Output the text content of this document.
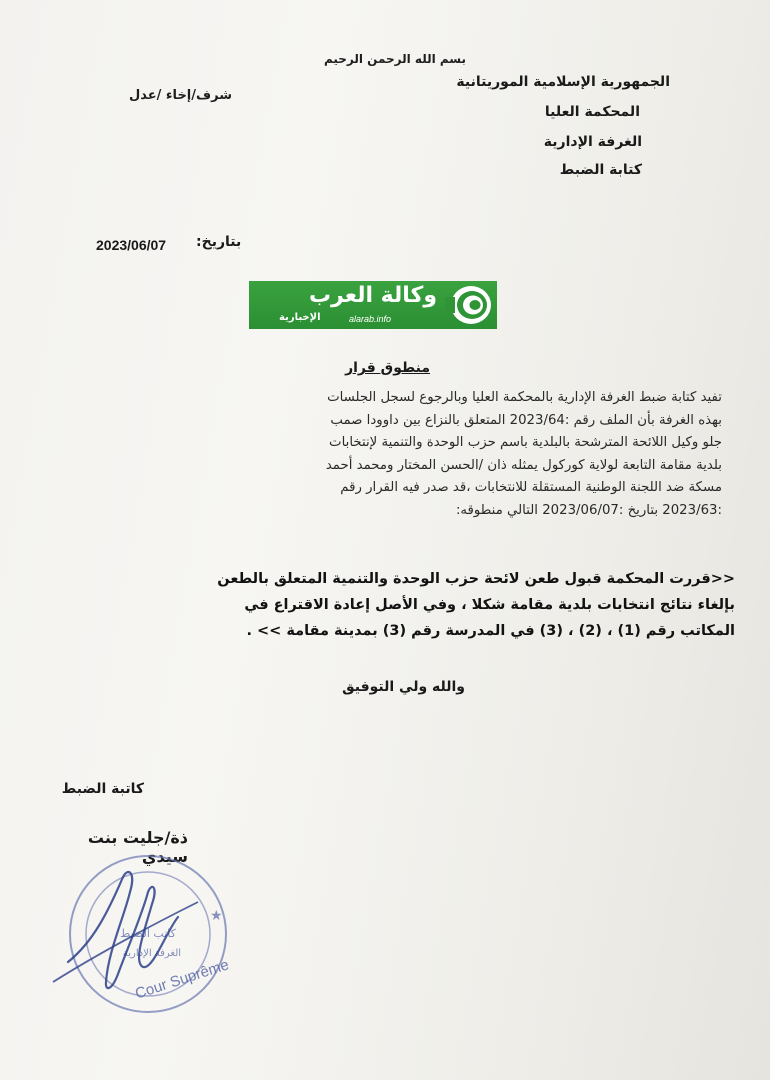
بسم الله الرحمن الرحيم
شرف/إخاء /عدل
الجمهورية الإسلامية الموريتانية
المحكمة العليا
الغرفة الإدارية
كتابة الضبط
بتاريخ:
2023/06/07
وكالة العرب
الإخبارية	alarab.info
منطوق قرار

تفيد كتابة ضبط الغرفة الإدارية بالمحكمة العليا وبالرجوع لسجل الجلسات

بهذه الغرفة بأن الملف رقم :2023/64 المتعلق بالنزاع بين داوودا صمب

جلو وكيل اللائحة المترشحة بالبلدية باسم حزب الوحدة والتنمية لإنتخابات

بلدية مقامة التابعة لولاية كوركول يمثله ذان /الحسن المختار ومحمد أحمد

مسكة ضد اللجنة الوطنية المستقلة للانتخابات ،قد صدر فيه القرار رقم

:2023/63 بتاريخ :2023/06/07 التالي منطوقه:

<<قررت المحكمة قبول طعن لائحة حزب الوحدة والتنمية المتعلق بالطعن

بإلغاء نتائج انتخابات بلدية مقامة شكلا ، وفي الأصل إعادة الاقتراع في

المكاتب رقم (1) ، (2) ، (3) في المدرسة رقم (3) بمدينة مقامة >> .

والله ولي التوفيق
كاتبة الضبط
ذة/جليت بنت سيدي
Cour Suprême
كاتب الضبط
الغرفة الإدارية
★
